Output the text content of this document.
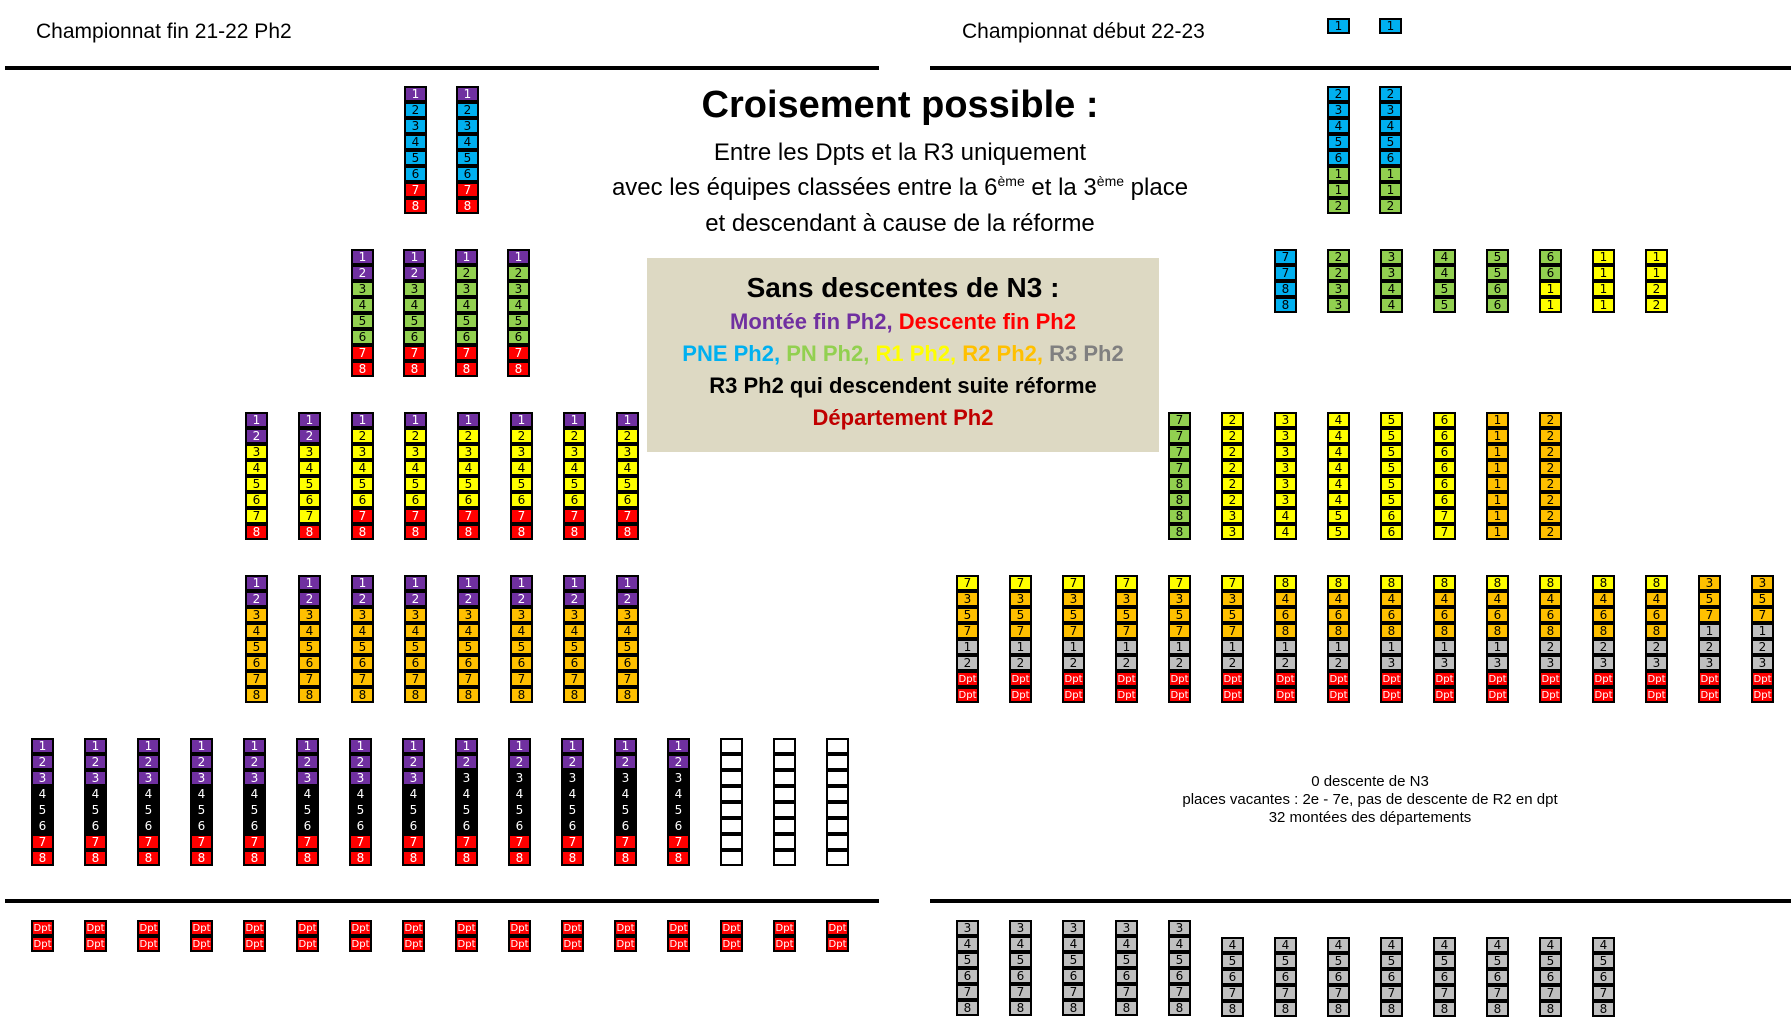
Championnat fin 21-22 Ph2	Championnat début 22-23
Croisement possible :
Entre les Dpts et la R3 uniquement
avec les équipes classées entre la 6ème et la 3ème place
et descendant à cause de la réforme
Sans descentes de N3 :
Montée fin Ph2, Descente fin Ph2
PNE Ph2, PN Ph2, R1 Ph2, R2 Ph2, R3 Ph2
R3 Ph2 qui descendent suite réforme
Département Ph2
0 descente de N3
places vacantes : 2e - 7e, pas de descente de R2 en dpt
32 montées des départements
1
2
3
4
5
6
7
8
1
2
3
4
5
6
7
8
1
2
3
4
5
6
7
8
1
2
3
4
5
6
7
8
1
2
3
4
5
6
7
8
1
2
3
4
5
6
7
8
1
2
3
4
5
6
7
8
1
2
3
4
5
6
7
8
1
2
3
4
5
6
7
8
1
2
3
4
5
6
7
8
1
2
3
4
5
6
7
8
1
2
3
4
5
6
7
8
1
2
3
4
5
6
7
8
1
2
3
4
5
6
7
8
1
2
3
4
5
6
7
8
1
2
3
4
5
6
7
8
1
2
3
4
5
6
7
8
1
2
3
4
5
6
7
8
1
2
3
4
5
6
7
8
1
2
3
4
5
6
7
8
1
2
3
4
5
6
7
8
1
2
3
4
5
6
7
8
1
2
3
4
5
6
7
8
1
2
3
4
5
6
7
8
1
2
3
4
5
6
7
8
1
2
3
4
5
6
7
8
1
2
3
4
5
6
7
8
1
2
3
4
5
6
7
8
1
2
3
4
5
6
7
8
1
2
3
4
5
6
7
8
1
2
3
4
5
6
7
8
1
2
3
4
5
6
7
8
1
2
3
4
5
6
7
8
1
2
3
4
5
6
7
8
1
2
3
4
5
6
7
8
Dpt
Dpt
Dpt
Dpt
Dpt
Dpt
Dpt
Dpt
Dpt
Dpt
Dpt
Dpt
Dpt
Dpt
Dpt
Dpt
Dpt
Dpt
Dpt
Dpt
Dpt
Dpt
Dpt
Dpt
Dpt
Dpt
Dpt
Dpt
Dpt
Dpt
Dpt
Dpt
1	1
2
3
4
5
6
1
1
2
2
3
4
5
6
1
1
2
7
7
8
8
2
2
3
3
3
3
4
4
4
4
5
5
5
5
6
6
6
6
1
1
1
1
1
1
1
1
2
2
7
7
7
7
8
8
8
8
2
2
2
2
2
2
3
3
3
3
3
3
3
3
4
4
4
4
4
4
4
4
5
5
5
5
5
5
5
5
6
6
6
6
6
6
6
6
7
7
1
1
1
1
1
1
1
1
2
2
2
2
2
2
2
2
7
3
5
7
1
2
Dpt
Dpt
7
3
5
7
1
2
Dpt
Dpt
7
3
5
7
1
2
Dpt
Dpt
7
3
5
7
1
2
Dpt
Dpt
7
3
5
7
1
2
Dpt
Dpt
7
3
5
7
1
2
Dpt
Dpt
8
4
6
8
1
2
Dpt
Dpt
8
4
6
8
1
2
Dpt
Dpt
8
4
6
8
1
3
Dpt
Dpt
8
4
6
8
1
3
Dpt
Dpt
8
4
6
8
1
3
Dpt
Dpt
8
4
6
8
2
3
Dpt
Dpt
8
4
6
8
2
3
Dpt
Dpt
8
4
6
8
2
3
Dpt
Dpt
3
5
7
1
2
3
Dpt
Dpt
3
5
7
1
2
3
Dpt
Dpt
3
4
5
6
7
8
3
4
5
6
7
8
3
4
5
6
7
8
3
4
5
6
7
8
3
4
5
6
7
8
4
5
6
7
8
4
5
6
7
8
4
5
6
7
8
4
5
6
7
8
4
5
6
7
8
4
5
6
7
8
4
5
6
7
8
4
5
6
7
8
